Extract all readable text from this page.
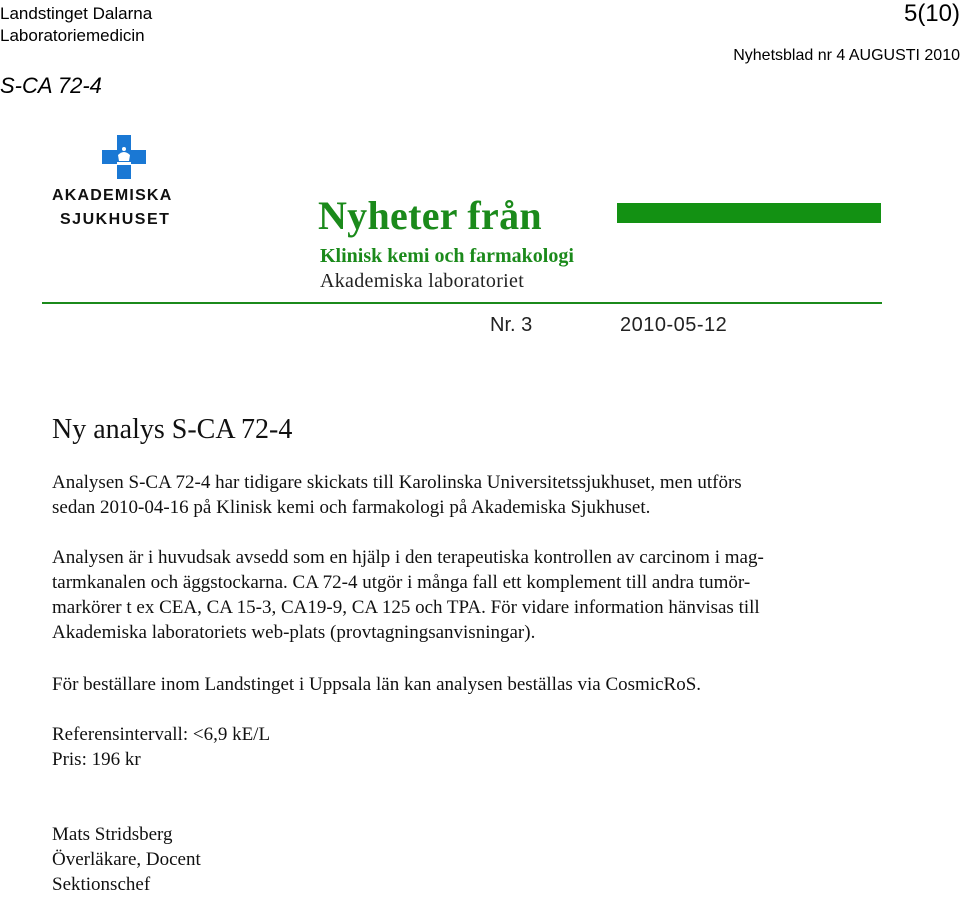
Landstinget Dalarna
Laboratoriemedicin
5(10)
Nyhetsblad nr 4 AUGUSTI 2010
S-CA 72-4
AKADEMISKA
SJUKHUSET	Nyheter från
Klinisk kemi och farmakologi
Akademiska laboratoriet
Nr. 3	2010-05-12
Ny analys S-CA 72-4

Analysen S-CA 72-4 har tidigare skickats till Karolinska Universitetssjukhuset, men utförs

sedan 2010-04-16 på Klinisk kemi och farmakologi på Akademiska Sjukhuset.

Analysen är i huvudsak avsedd som en hjälp i den terapeutiska kontrollen av carcinom i mag-

tarmkanalen och äggstockarna. CA 72-4 utgör i många fall ett komplement till andra tumör-

markörer t ex CEA, CA 15-3, CA19-9, CA 125 och TPA. För vidare information hänvisas till

Akademiska laboratoriets web-plats (provtagningsanvisningar).

För beställare inom Landstinget i Uppsala län kan analysen beställas via CosmicRoS.

Referensintervall: <6,9 kE/L

Pris: 196 kr

Mats Stridsberg

Överläkare, Docent

Sektionschef
